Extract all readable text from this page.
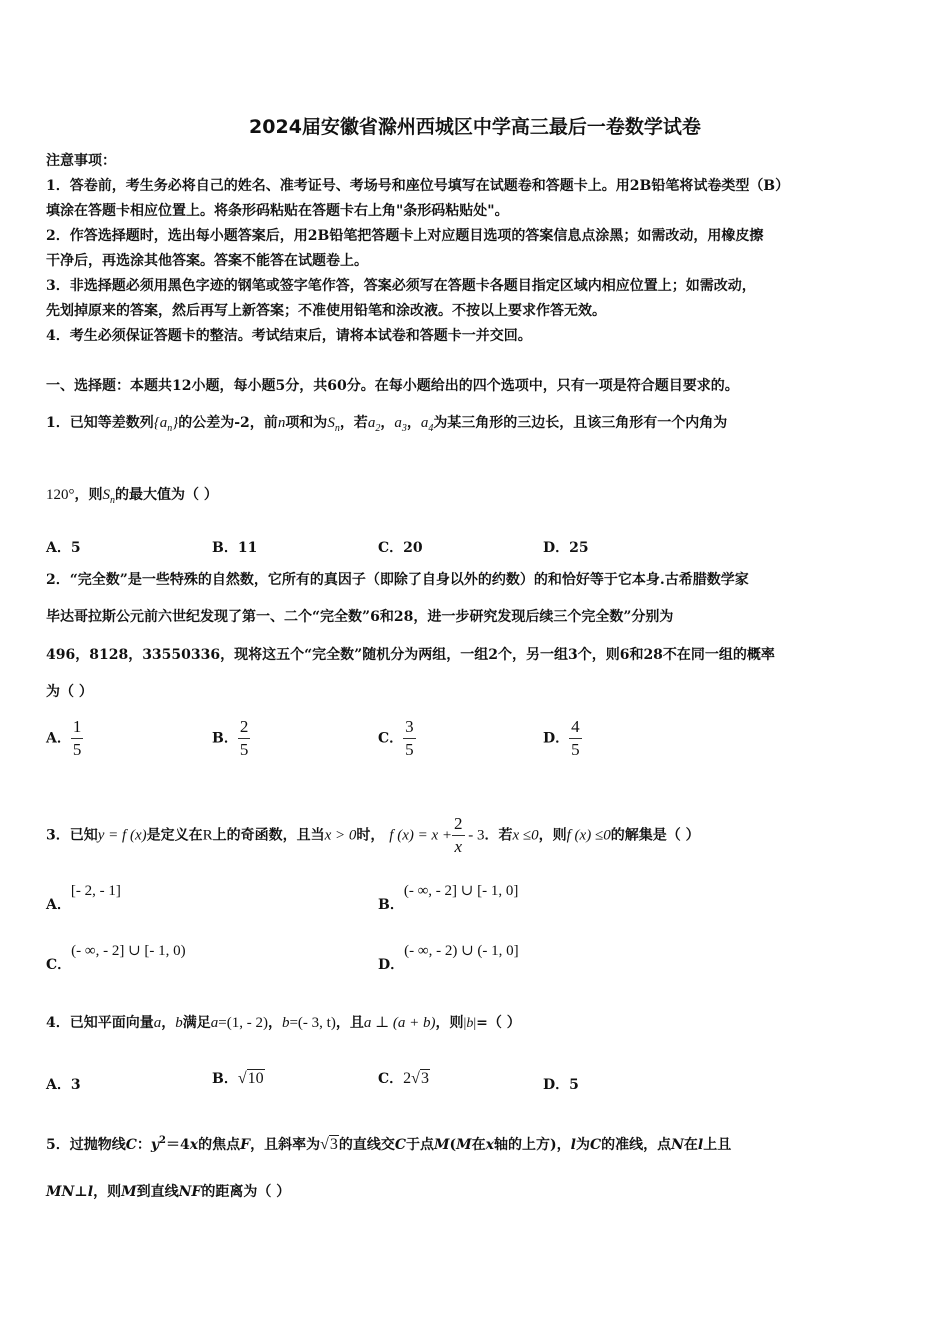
2024届安徽省滁州西城区中学高三最后一卷数学试卷
注意事项：
1．答卷前，考生务必将自己的姓名、准考证号、考场号和座位号填写在试题卷和答题卡上。用2B铅笔将试卷类型（B）
填涂在答题卡相应位置上。将条形码粘贴在答题卡右上角"条形码粘贴处"。
2．作答选择题时，选出每小题答案后，用2B铅笔把答题卡上对应题目选项的答案信息点涂黑；如需改动，用橡皮擦
干净后，再选涂其他答案。答案不能答在试题卷上。
3．非选择题必须用黑色字迹的钢笔或签字笔作答，答案必须写在答题卡各题目指定区域内相应位置上；如需改动，
先划掉原来的答案，然后再写上新答案；不准使用铅笔和涂改液。不按以上要求作答无效。
4．考生必须保证答题卡的整洁。考试结束后，请将本试卷和答题卡一并交回。
一、选择题：本题共12小题，每小题5分，共60分。在每小题给出的四个选项中，只有一项是符合题目要求的。
1．已知等差数列$\{a_n\}$的公差为-2，前n项和为$S_n$，若$a_2$，$a_3$，$a_4$为某三角形的三边长，且该三角形有一个内角为
120°，则$S_n$的最大值为（ ）
A．5	B．11	C．20	D．25
2．“完全数”是一些特殊的自然数，它所有的真因子（即除了自身以外的约数）的和恰好等于它本身.古希腊数学家
毕达哥拉斯公元前六世纪发现了第一、二个“完全数”6和28，进一步研究发现后续三个完全数”分别为
496，8128，33550336，现将这五个“完全数”随机分为两组，一组2个，另一组3个，则6和28不在同一组的概率
为（ ）
A． $\frac{1}{5}$	B． $\frac{2}{5}$	C． $\frac{3}{5}$	D． $\frac{4}{5}$
3．已知y = f (x)是定义在R上的奇函数，且当x > 0时， f $(x) = x + \frac{2}{x} - 3$．若x ≤0，则f (x) ≤0的解集是（ ）
A．[- 2, - 1]
B．(- ∞, - 2] ∪ [- 1, 0]
C．(- ∞, - 2] ∪ [- 1, 0)
D．(- ∞, - 2) ∪ (- 1, 0]
4．已知平面向量a，b满足a=(1, - 2)，b=(- 3, t)，且a ⊥ (a + b)，则|b|=（ ）
A．3	B．√10	C．2√3	D．5
5．过抛物线C：$y^2=4x$的焦点F，且斜率为√3的直线交C于点M(M在x轴的上方)，l为C的准线，点N在l上且
MN⊥l，则M到直线NF的距离为（ ）
